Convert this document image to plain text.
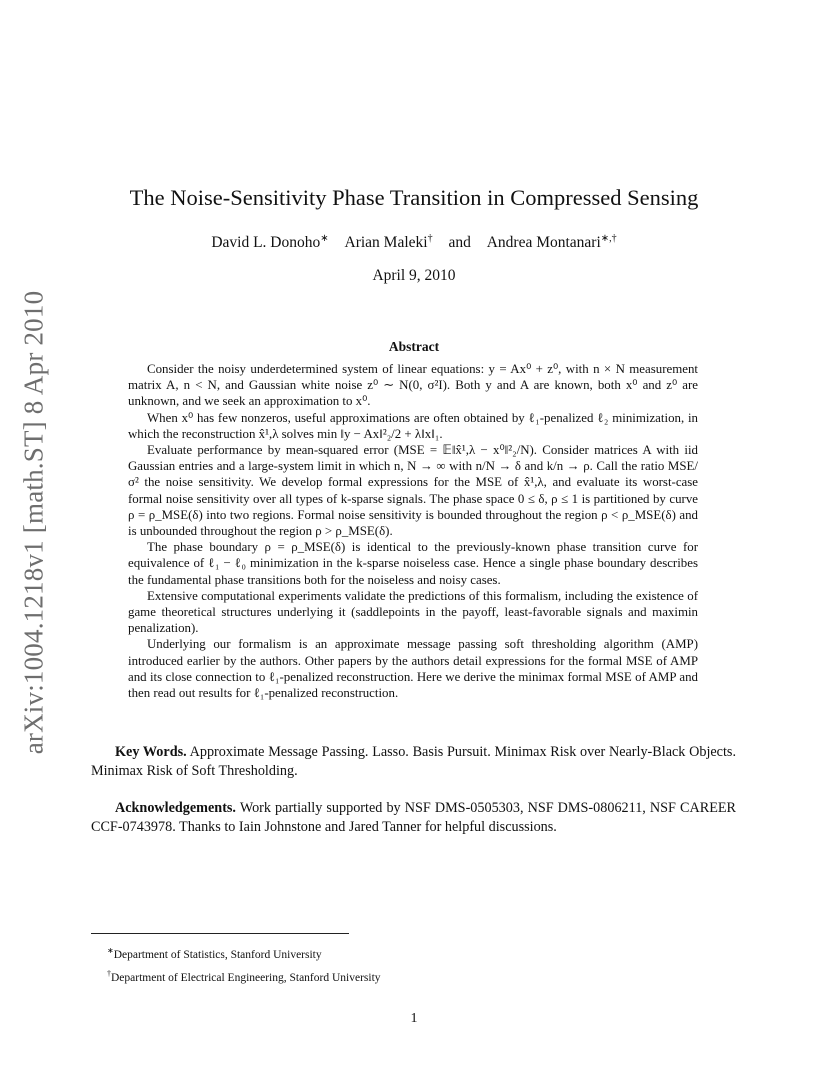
arXiv:1004.1218v1 [math.ST] 8 Apr 2010
The Noise-Sensitivity Phase Transition in Compressed Sensing
David L. Donoho∗ Arian Maleki† and Andrea Montanari∗,†
April 9, 2010
Abstract

Consider the noisy underdetermined system of linear equations: y = Ax⁰ + z⁰, with n × N measurement matrix A, n < N, and Gaussian white noise z⁰ ∼ N(0, σ²I). Both y and A are known, both x⁰ and z⁰ are unknown, and we seek an approximation to x⁰.

When x⁰ has few nonzeros, useful approximations are often obtained by ℓ₁-penalized ℓ₂ minimization, in which the reconstruction x̂¹,λ solves min ‖y − Ax‖²₂/2 + λ‖x‖₁.

Evaluate performance by mean-squared error (MSE = 𝔼‖x̂¹,λ − x⁰‖²₂/N). Consider matrices A with iid Gaussian entries and a large-system limit in which n, N → ∞ with n/N → δ and k/n → ρ. Call the ratio MSE/σ² the noise sensitivity. We develop formal expressions for the MSE of x̂¹,λ, and evaluate its worst-case formal noise sensitivity over all types of k-sparse signals. The phase space 0 ≤ δ, ρ ≤ 1 is partitioned by curve ρ = ρ_MSE(δ) into two regions. Formal noise sensitivity is bounded throughout the region ρ < ρ_MSE(δ) and is unbounded throughout the region ρ > ρ_MSE(δ).

The phase boundary ρ = ρ_MSE(δ) is identical to the previously-known phase transition curve for equivalence of ℓ₁ − ℓ₀ minimization in the k-sparse noiseless case. Hence a single phase boundary describes the fundamental phase transitions both for the noiseless and noisy cases.

Extensive computational experiments validate the predictions of this formalism, including the existence of game theoretical structures underlying it (saddlepoints in the payoff, least-favorable signals and maximin penalization).

Underlying our formalism is an approximate message passing soft thresholding algorithm (AMP) introduced earlier by the authors. Other papers by the authors detail expressions for the formal MSE of AMP and its close connection to ℓ₁-penalized reconstruction. Here we derive the minimax formal MSE of AMP and then read out results for ℓ₁-penalized reconstruction.

Key Words. Approximate Message Passing. Lasso. Basis Pursuit. Minimax Risk over Nearly-Black Objects. Minimax Risk of Soft Thresholding.
Acknowledgements. Work partially supported by NSF DMS-0505303, NSF DMS-0806211, NSF CAREER CCF-0743978. Thanks to Iain Johnstone and Jared Tanner for helpful discussions.
∗Department of Statistics, Stanford University
†Department of Electrical Engineering, Stanford University
1
